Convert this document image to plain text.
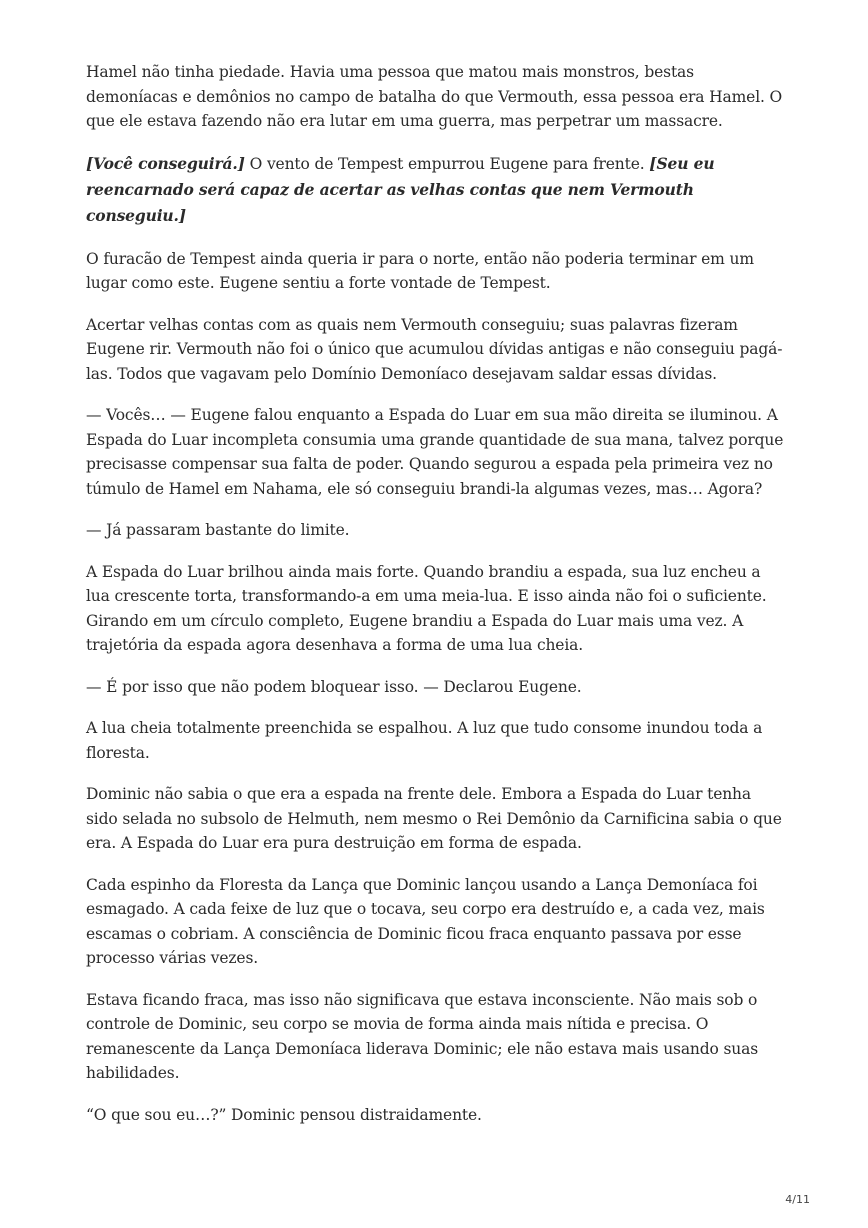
Hamel não tinha piedade. Havia uma pessoa que matou mais monstros, bestas demoníacas e demônios no campo de batalha do que Vermouth, essa pessoa era Hamel. O que ele estava fazendo não era lutar em uma guerra, mas perpetrar um massacre.

[Você conseguirá.] O vento de Tempest empurrou Eugene para frente. [Seu eu reencarnado será capaz de acertar as velhas contas que nem Vermouth conseguiu.]

O furacão de Tempest ainda queria ir para o norte, então não poderia terminar em um lugar como este. Eugene sentiu a forte vontade de Tempest.

Acertar velhas contas com as quais nem Vermouth conseguiu; suas palavras fizeram Eugene rir. Vermouth não foi o único que acumulou dívidas antigas e não conseguiu pagá-las. Todos que vagavam pelo Domínio Demoníaco desejavam saldar essas dívidas.

— Vocês… — Eugene falou enquanto a Espada do Luar em sua mão direita se iluminou. A Espada do Luar incompleta consumia uma grande quantidade de sua mana, talvez porque precisasse compensar sua falta de poder. Quando segurou a espada pela primeira vez no túmulo de Hamel em Nahama, ele só conseguiu brandi-la algumas vezes, mas… Agora?

— Já passaram bastante do limite.

A Espada do Luar brilhou ainda mais forte. Quando brandiu a espada, sua luz encheu a lua crescente torta, transformando-a em uma meia-lua. E isso ainda não foi o suficiente. Girando em um círculo completo, Eugene brandiu a Espada do Luar mais uma vez. A trajetória da espada agora desenhava a forma de uma lua cheia.

— É por isso que não podem bloquear isso. — Declarou Eugene.

A lua cheia totalmente preenchida se espalhou. A luz que tudo consome inundou toda a floresta.

Dominic não sabia o que era a espada na frente dele. Embora a Espada do Luar tenha sido selada no subsolo de Helmuth, nem mesmo o Rei Demônio da Carnificina sabia o que era. A Espada do Luar era pura destruição em forma de espada.

Cada espinho da Floresta da Lança que Dominic lançou usando a Lança Demoníaca foi esmagado. A cada feixe de luz que o tocava, seu corpo era destruído e, a cada vez, mais escamas o cobriam. A consciência de Dominic ficou fraca enquanto passava por esse processo várias vezes.

Estava ficando fraca, mas isso não significava que estava inconsciente. Não mais sob o controle de Dominic, seu corpo se movia de forma ainda mais nítida e precisa. O remanescente da Lança Demoníaca liderava Dominic; ele não estava mais usando suas habilidades.

“O que sou eu…?” Dominic pensou distraidamente.

4/11
